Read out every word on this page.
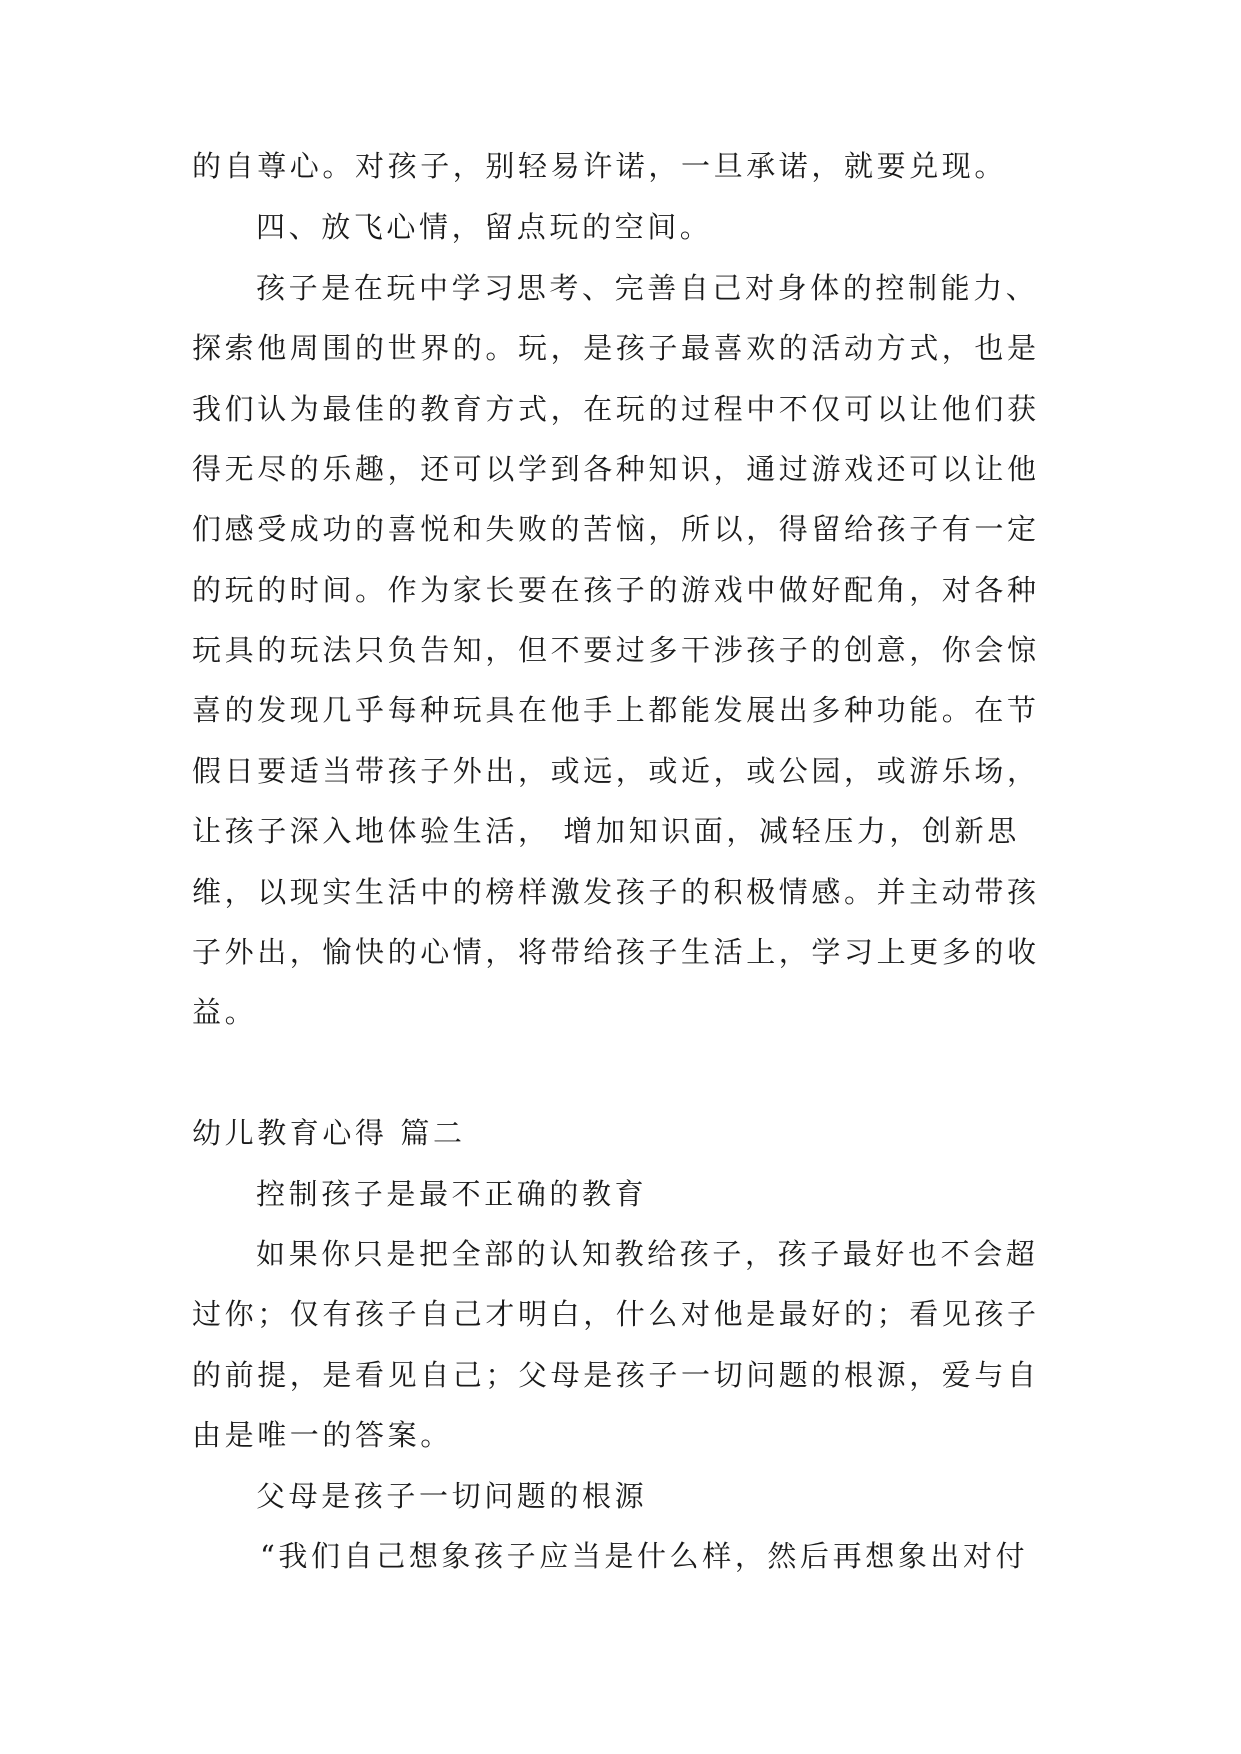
的自尊心。对孩子，别轻易许诺，一旦承诺，就要兑现。
四、放飞心情，留点玩的空间。
孩子是在玩中学习思考、完善自己对身体的控制能力、
探索他周围的世界的。玩，是孩子最喜欢的活动方式，也是
我们认为最佳的教育方式，在玩的过程中不仅可以让他们获
得无尽的乐趣，还可以学到各种知识，通过游戏还可以让他
们感受成功的喜悦和失败的苦恼，所以，得留给孩子有一定
的玩的时间。作为家长要在孩子的游戏中做好配角，对各种
玩具的玩法只负告知，但不要过多干涉孩子的创意，你会惊
喜的发现几乎每种玩具在他手上都能发展出多种功能。在节
假日要适当带孩子外出，或远，或近，或公园，或游乐场，
让孩子深入地体验生活， 增加知识面，减轻压力，创新思
维，以现实生活中的榜样激发孩子的积极情感。并主动带孩
子外出，愉快的心情，将带给孩子生活上，学习上更多的收
益。
幼儿教育心得 篇二
控制孩子是最不正确的教育
如果你只是把全部的认知教给孩子，孩子最好也不会超
过你；仅有孩子自己才明白，什么对他是最好的；看见孩子
的前提，是看见自己；父母是孩子一切问题的根源，爱与自
由是唯一的答案。
父母是孩子一切问题的根源
“我们自己想象孩子应当是什么样，然后再想象出对付
